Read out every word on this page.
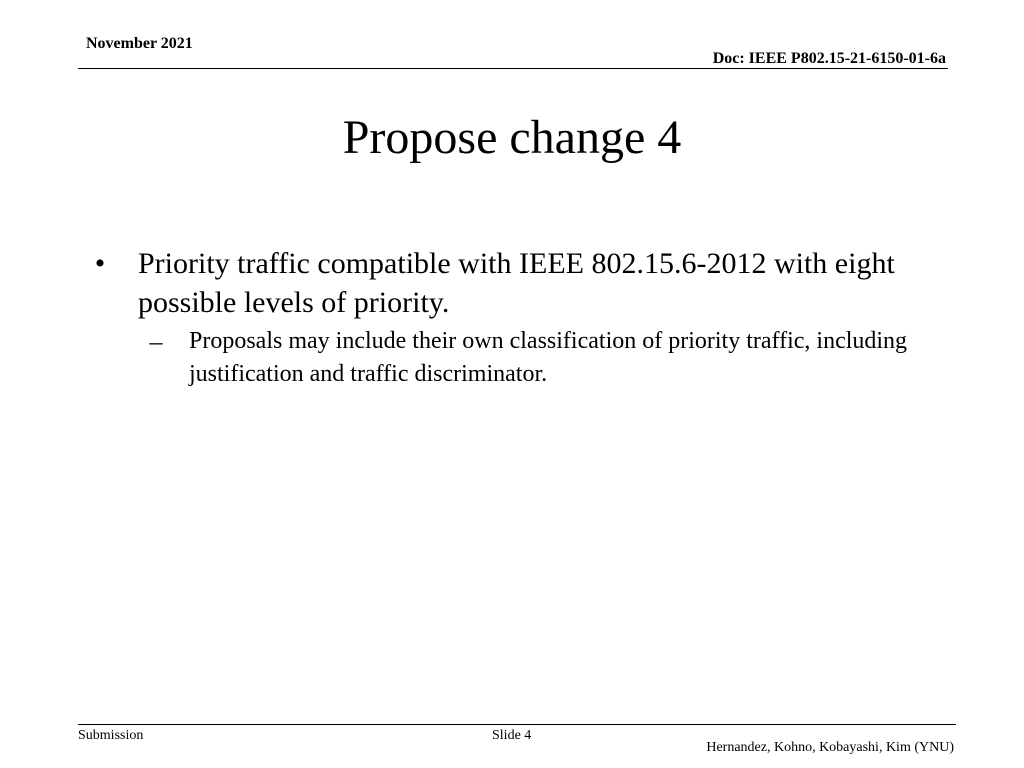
November 2021
Doc: IEEE P802.15-21-6150-01-6a
Propose change 4
• Priority traffic compatible with IEEE 802.15.6-2012 with eight possible levels of priority.
–	Proposals may include their own classification of priority traffic, including justification and traffic discriminator.
Submission	Slide 4
Hernandez, Kohno, Kobayashi, Kim (YNU)
